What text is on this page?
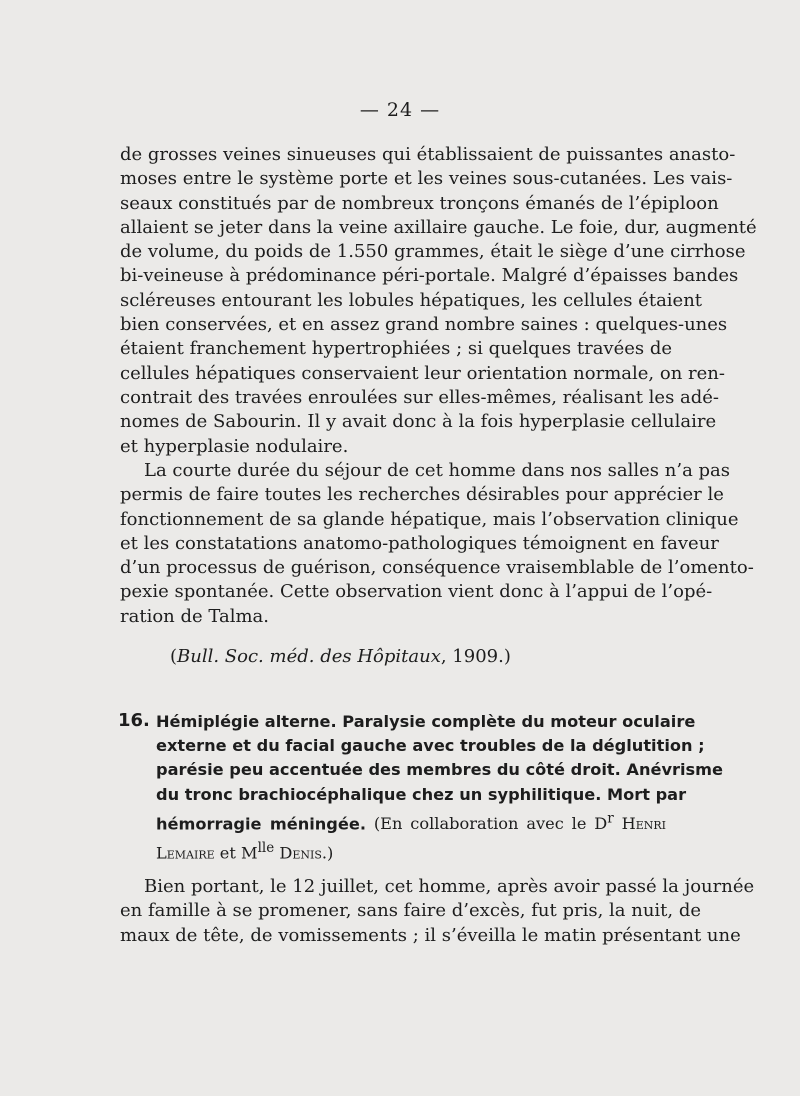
— 24 —

de grosses veines sinueuses qui établissaient de puissantes anasto-
moses entre le système porte et les veines sous-cutanées. Les vais-
seaux constitués par de nombreux tronçons émanés de l’épiploon
allaient se jeter dans la veine axillaire gauche. Le foie, dur, augmenté
de volume, du poids de 1.550 grammes, était le siège d’une cirrhose
bi-veineuse à prédominance péri-portale. Malgré d’épaisses bandes
scléreuses entourant les lobules hépatiques, les cellules étaient
bien conservées, et en assez grand nombre saines : quelques-unes
étaient franchement hypertrophiées ; si quelques travées de
cellules hépatiques conservaient leur orientation normale, on ren-
contrait des travées enroulées sur elles-mêmes, réalisant les adé-
nomes de Sabourin. Il y avait donc à la fois hyperplasie cellulaire
et hyperplasie nodulaire.

La courte durée du séjour de cet homme dans nos salles n’a pas
permis de faire toutes les recherches désirables pour apprécier le
fonctionnement de sa glande hépatique, mais l’observation clinique
et les constatations anatomo-pathologiques témoignent en faveur
d’un processus de guérison, conséquence vraisemblable de l’omento-
pexie spontanée. Cette observation vient donc à l’appui de l’opé-
ration de Talma.

(Bull. Soc. méd. des Hôpitaux, 1909.)
16. Hémiplégie alterne. Paralysie complète du moteur oculaire
externe et du facial gauche avec troubles de la déglutition ;
parésie peu accentuée des membres du côté droit. Anévrisme
du tronc brachiocéphalique chez un syphilitique. Mort par
hémorragie méningée. (En collaboration avec le $D^r$ Henri
Lemaire et $M^{lle}$ Denis.)

Bien portant, le 12 juillet, cet homme, après avoir passé la journée
en famille à se promener, sans faire d’excès, fut pris, la nuit, de
maux de tête, de vomissements ; il s’éveilla le matin présentant une
